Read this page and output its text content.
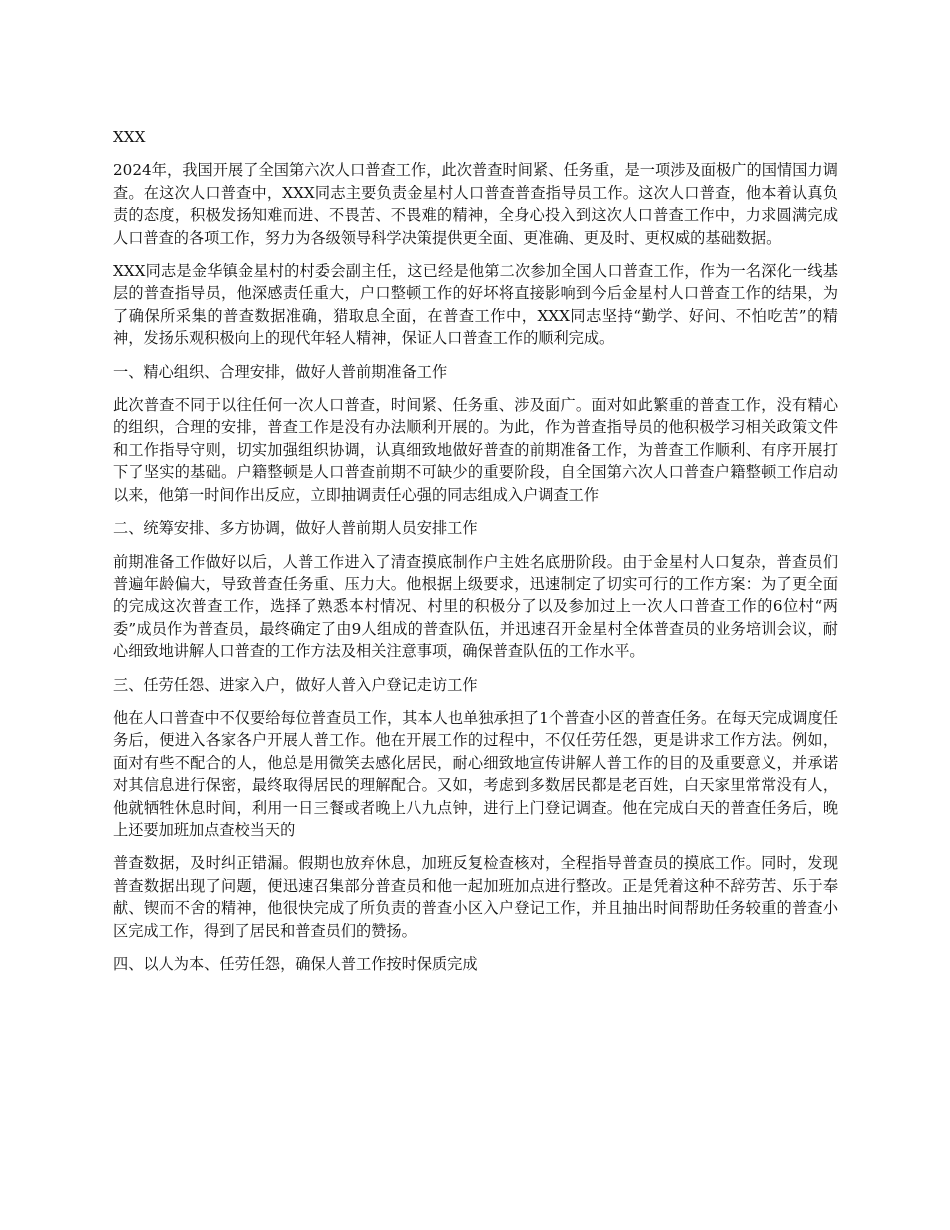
XXX

2024年，我国开展了全国第六次人口普查工作，此次普查时间紧、任务重，是一项涉及面极广的国情国力调查。在这次人口普查中，XXX同志主要负责金星村人口普查普查指导员工作。这次人口普查，他本着认真负责的态度，积极发扬知难而进、不畏苦、不畏难的精神，全身心投入到这次人口普查工作中，力求圆满完成人口普查的各项工作，努力为各级领导科学决策提供更全面、更准确、更及时、更权威的基础数据。

XXX同志是金华镇金星村的村委会副主任，这已经是他第二次参加全国人口普查工作，作为一名深化一线基层的普查指导员，他深感责任重大，户口整顿工作的好坏将直接影响到今后金星村人口普查工作的结果，为了确保所采集的普查数据准确，猎取息全面，在普查工作中，XXX同志坚持“勤学、好问、不怕吃苦”的精神，发扬乐观积极向上的现代年轻人精神，保证人口普查工作的顺利完成。

一、精心组织、合理安排，做好人普前期准备工作

此次普查不同于以往任何一次人口普查，时间紧、任务重、涉及面广。面对如此繁重的普查工作，没有精心的组织，合理的安排，普查工作是没有办法顺利开展的。为此，作为普查指导员的他积极学习相关政策文件和工作指导守则，切实加强组织协调，认真细致地做好普查的前期准备工作，为普查工作顺利、有序开展打下了坚实的基础。户籍整顿是人口普查前期不可缺少的重要阶段，自全国第六次人口普查户籍整顿工作启动以来，他第一时间作出反应，立即抽调责任心强的同志组成入户调查工作

二、统筹安排、多方协调，做好人普前期人员安排工作

前期准备工作做好以后，人普工作进入了清查摸底制作户主姓名底册阶段。由于金星村人口复杂，普查员们普遍年龄偏大，导致普查任务重、压力大。他根据上级要求，迅速制定了切实可行的工作方案：为了更全面的完成这次普查工作，选择了熟悉本村情况、村里的积极分了以及参加过上一次人口普查工作的6位村“两委”成员作为普查员，最终确定了由9人组成的普查队伍，并迅速召开金星村全体普查员的业务培训会议，耐心细致地讲解人口普查的工作方法及相关注意事项，确保普查队伍的工作水平。

三、任劳任怨、进家入户，做好人普入户登记走访工作

他在人口普查中不仅要给每位普查员工作，其本人也单独承担了1个普查小区的普查任务。在每天完成调度任务后，便进入各家各户开展人普工作。他在开展工作的过程中，不仅任劳任怨，更是讲求工作方法。例如，面对有些不配合的人，他总是用微笑去感化居民，耐心细致地宣传讲解人普工作的目的及重要意义，并承诺对其信息进行保密，最终取得居民的理解配合。又如，考虑到多数居民都是老百姓，白天家里常常没有人，他就牺牲休息时间，利用一日三餐或者晚上八九点钟，进行上门登记调查。他在完成白天的普查任务后，晚上还要加班加点查校当天的

普查数据，及时纠正错漏。假期也放弃休息，加班反复检查核对，全程指导普查员的摸底工作。同时，发现普查数据出现了问题，便迅速召集部分普查员和他一起加班加点进行整改。正是凭着这种不辞劳苦、乐于奉献、锲而不舍的精神，他很快完成了所负责的普查小区入户登记工作，并且抽出时间帮助任务较重的普查小区完成工作，得到了居民和普查员们的赞扬。

四、以人为本、任劳任怨，确保人普工作按时保质完成
